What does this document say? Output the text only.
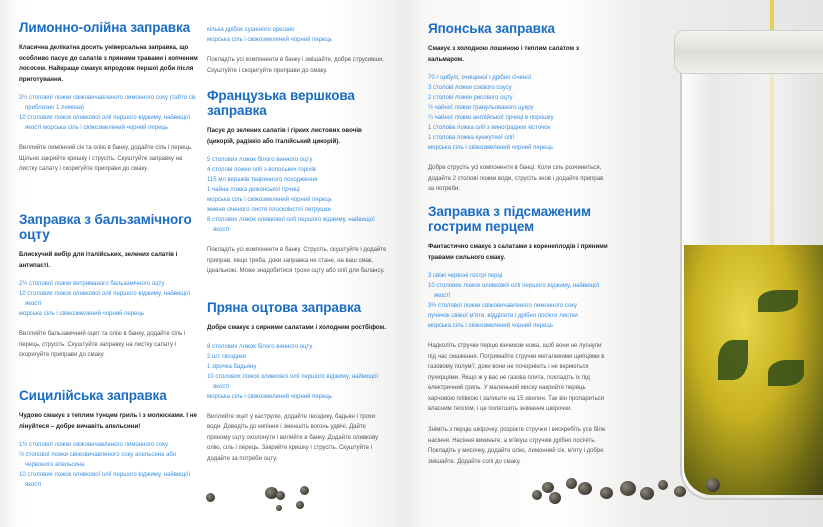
Лимонно-олійна заправка

Класична делікатна досить універсальна заправка, що особливо пасує до салатів з пряними травами і копченим лососем. Найкраще смакує впродовж першої доби після приготування.

3½ столової ложки свіжовичавленого лимонного соку (табто сік приблизно 1 лимона)
10 столових ложок оливкової олії першого віджиму, найвищої якості морська сіль і свіжозмелений чорний перець

Виллийте лимонний сік та олію в банку, додайте сіль і перець. Щільно закрийте кришку і струсіть. Скуштуйте заправку на листку салату і скоригуйте приправи до смаку.

Заправка з бальзамічного оцту

Блискучий вибір для італійських, зелених салатів і антипасті.

2½ столової ложки витриманого бальзамічного оцту
10 столових ложок оливкової олії першого віджиму, найвищої якості
морська сіль і свіжозмелений чорний перець

Виллийте бальзамічний оцет та олію в банку, додайте сіль і перець, струсіть. Скуштуйте заправку на листку салату і скоригуйте приправи до смаку.

Сицилійська заправка

Чудово смакує з теплим тунцем гриль і з молюсками. І не лінуйтеся – добре вичавіть апельсини!

1½ столової ложки свіжовичавленого лимонного соку
½ столової ложки свіжовичавленого соку апельсина або червоного апельсина
10 столових ложок оливкової олії першого віджиму, найвищої якості
кілька дрібок сушеного орегано
морська сіль і свіжозмелений чорний перець

Покладіть усі компоненти в банку і змішайте, добре струсивши. Скуштуйте і скоригуйте приправи до смаку.

Французька вершкова заправка

Пасує до зелених салатів і гірких листових овочів (цикорій, радіккіо або італійський цикорій).

5 столових ложок білого винного оцту
4 столові ложки олії з волоських горіхів
115 мл вершків тваринного походження
1 чайна ложка дижонської гірчиці
морська сіль і свіжозмелений чорний перець
жменя січеного листя плоскolистої петрушки
8 столових ложок оливкової олії першого віджиму, найвищої якості

Покладіть усі компоненти в банку. Струсіть, скуштуйте і додайте приправ, якщо треба, доки заправка не стане, на ваш смак, ідеальною. Може знадобитися трохи оцту або олії для балансу.

Пряна оцтова заправка

Добре смакує з сирними салатами і холодним ростбіфом.

8 столових ложок білого винного оцту
2 шт. гвоздики
1 зірочка бадьяну
10 столових ложок оливкової олії першого віджиму, найвищої якості
морська сіль і свіжозмелений чорний перець

Виллийте оцет у каструлю, додайте гвоздику, бадьян і трохи води. Доведіть до кипіння і зменшіть вогонь удвічі. Дайте пряному оцту охолонути і вилийте в банку. Додайте оливкову олію, сіль і перець. Закрийте кришку і струсіть. Скуштуйте і додайте за потреби оцту.

Японська заправка

Смакує з холодною лошиною і теплим салатом з кальмаром.

70 г цибулі, очищеної і дрібно січеної
3 столові ложки соєвого соусу
2 столові ложки рисового оцту
½ чайної ложки гранульованого цукру
¼ чайної ложки англійської гірчиці в порошку
1 столова ложка олії з виноградних кісточок
1 столова ложка кунжутної олії
морська сіль і свіжозмелений чорний перець

Добре струсіть усі компоненти в банці. Коли сіль розчиниться, додайте 2 столові ложки води, струсіть знов і додайте приправ за потреби.

Заправка з підсмаженим гострим перцем

Фантастично смакує з салатами з коренеплодів і пряними травами сильного смаку.

3 свіжі червоні гострі перці
10 столових ложок оливкової олії першого віджиму, найвищої якості
3½ столової ложки свіжовичавленого лимонного соку
пучечок свіжої м'яти, відділити і дрібно посікти листки
морська сіль і свіжозмелений чорний перець

Надколіть стручки перцю кінчиком ножа, щоб вони не луснули під час смаження. Потримайте стручки металевими щипцями в газовому полум'ї, доки вони не почорніють і не вкриються пухирцями. Якщо ж у вас не газова плита, покладіть їх під електричний гриль. У маленький миску накрийте перець харчовою плівкою і залиште на 15 хвилин. Так він пропариться власним теплом, і це полегшить знімання шкірочки.

Зніміть з перцю шкірочку, розріжте стручки і вискребіть усе біле насіння. Насіння викиньте, а м'якуш стручків дрібно посічіть. Покладіть у мисочку, додайте олію, лимонний сік, м'яту і добре змішайте. Додайте солі до смаку.
